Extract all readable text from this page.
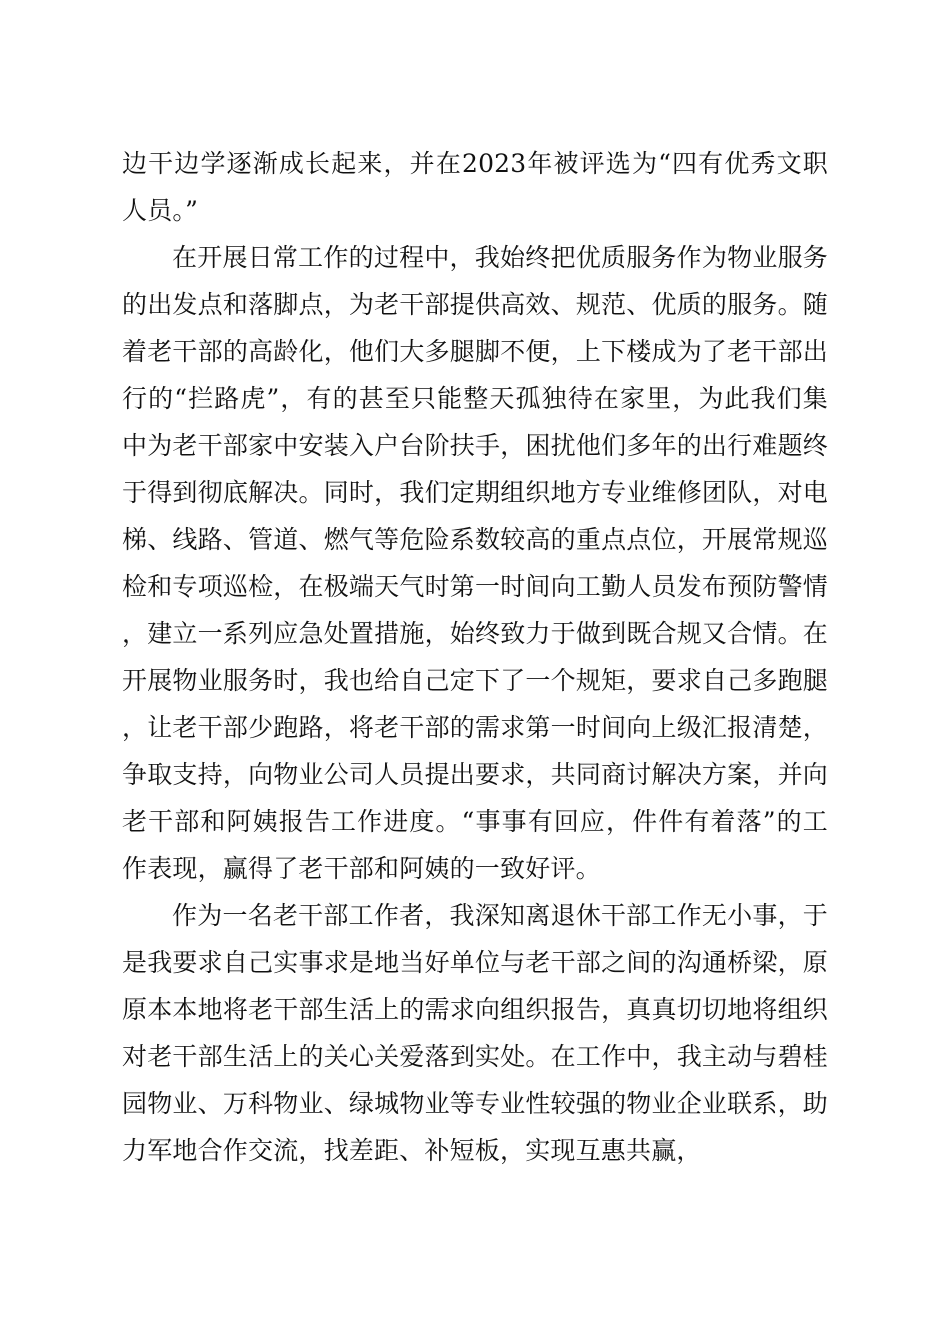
边干边学逐渐成长起来，并在2023年被评选为“四有优秀文职人员。”

在开展日常工作的过程中，我始终把优质服务作为物业服务的出发点和落脚点，为老干部提供高效、规范、优质的服务。随着老干部的高龄化，他们大多腿脚不便，上下楼成为了老干部出行的“拦路虎”，有的甚至只能整天孤独待在家里，为此我们集中为老干部家中安装入户台阶扶手，困扰他们多年的出行难题终于得到彻底解决。同时，我们定期组织地方专业维修团队，对电梯、线路、管道、燃气等危险系数较高的重点点位，开展常规巡检和专项巡检，在极端天气时第一时间向工勤人员发布预防警情，建立一系列应急处置措施，始终致力于做到既合规又合情。在开展物业服务时，我也给自己定下了一个规矩，要求自己多跑腿，让老干部少跑路，将老干部的需求第一时间向上级汇报清楚，争取支持，向物业公司人员提出要求，共同商讨解决方案，并向老干部和阿姨报告工作进度。“事事有回应，件件有着落”的工作表现，赢得了老干部和阿姨的一致好评。

作为一名老干部工作者，我深知离退休干部工作无小事，于是我要求自己实事求是地当好单位与老干部之间的沟通桥梁，原原本本地将老干部生活上的需求向组织报告，真真切切地将组织对老干部生活上的关心关爱落到实处。在工作中，我主动与碧桂园物业、万科物业、绿城物业等专业性较强的物业企业联系，助力军地合作交流，找差距、补短板，实现互惠共赢，
